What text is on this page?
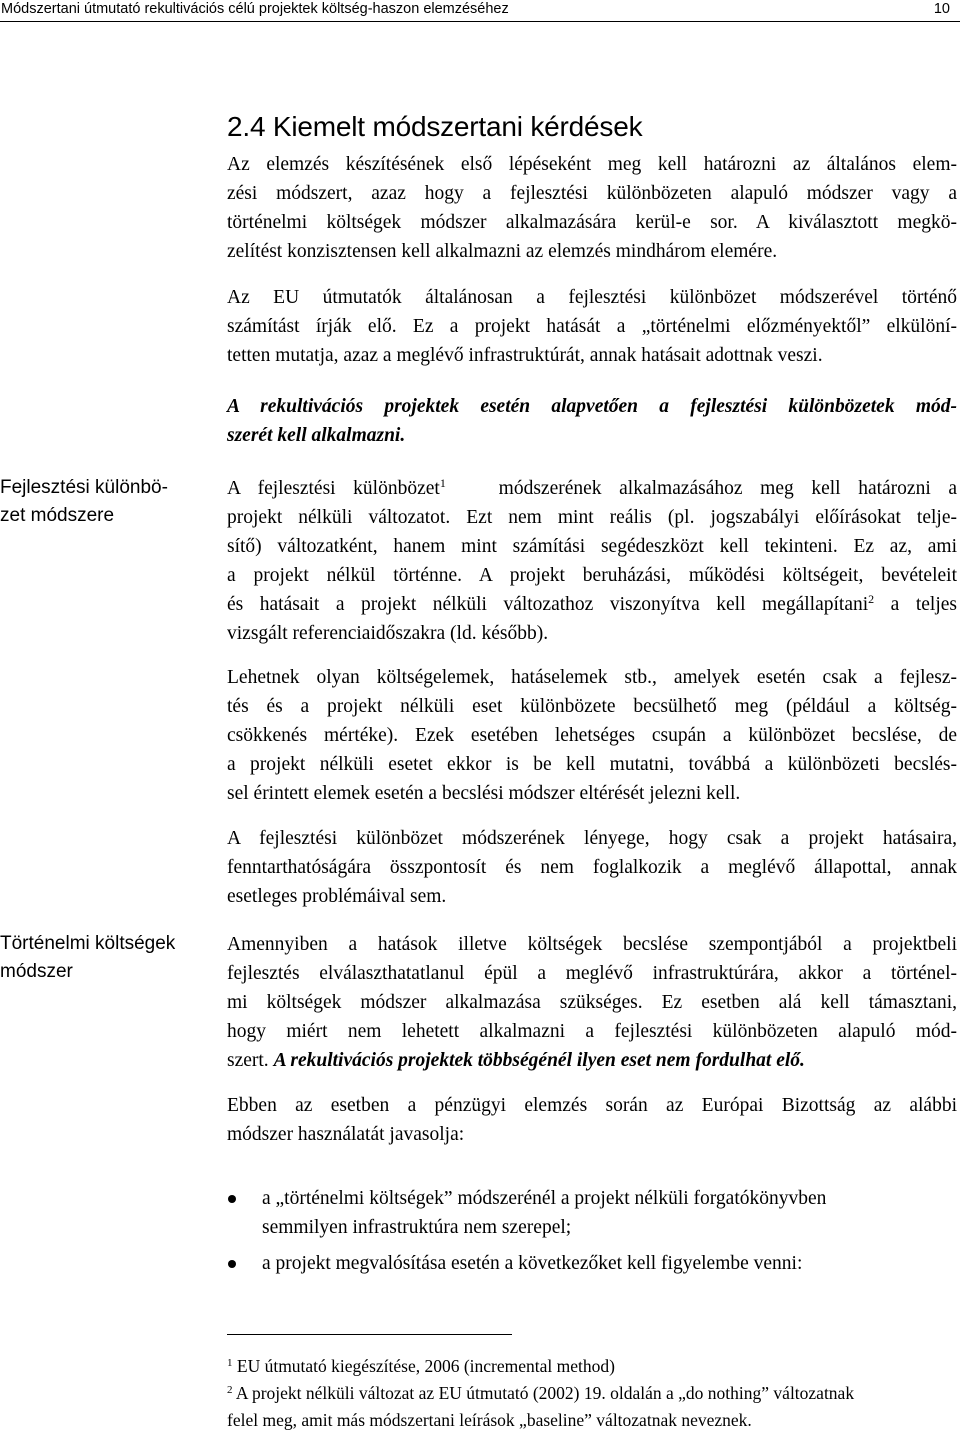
Módszertani útmutató rekultivációs célú projektek költség-haszon elemzéséhez	10
2.4 Kiemelt módszertani kérdések
Az elemzés készítésének első lépéseként meg kell határozni az általános elem-
zési módszert, azaz hogy a fejlesztési különbözeten alapuló módszer vagy a
történelmi költségek módszer alkalmazására kerül-e sor. A kiválasztott megkö-
zelítést konzisztensen kell alkalmazni az elemzés mindhárom elemére.
Az EU útmutatók általánosan a fejlesztési különbözet módszerével történő
számítást írják elő. Ez a projekt hatását a „történelmi előzményektől” elkülöní-
tetten mutatja, azaz a meglévő infrastruktúrát, annak hatásait adottnak veszi.
A rekultivációs projektek esetén alapvetően a fejlesztési különbözetek mód-
szerét kell alkalmazni.
Fejlesztési különbö-
zet módszere
A fejlesztési különbözet$^1$	módszerének alkalmazásához meg kell határozni a
projekt nélküli változatot. Ezt nem mint reális (pl. jogszabályi előírásokat telje-
sítő) változatként, hanem mint számítási segédeszközt kell tekinteni. Ez az, ami
a projekt nélkül történne. A projekt beruházási, működési költségeit, bevételeit
és hatásait a projekt nélküli változathoz viszonyítva kell megállapítani$^2$ a teljes
vizsgált referenciaidőszakra (ld. később).
Lehetnek olyan költségelemek, hatáselemek stb., amelyek esetén csak a fejlesz-
tés és a projekt nélküli eset különbözete becsülhető meg (például a költség-
csökkenés mértéke). Ezek esetében lehetséges csupán a különbözet becslése, de
a projekt nélküli esetet ekkor is be kell mutatni, továbbá a különbözeti becslés-
sel érintett elemek esetén a becslési módszer eltérését jelezni kell.
A fejlesztési különbözet módszerének lényege, hogy csak a projekt hatásaira,
fenntarthatóságára összpontosít és nem foglalkozik a meglévő állapottal, annak
esetleges problémáival sem.
Történelmi költségek
módszer
Amennyiben a hatások illetve költségek becslése szempontjából a projektbeli
fejlesztés elválaszthatatlanul épül a meglévő infrastruktúrára, akkor a történel-
mi költségek módszer alkalmazása szükséges. Ez esetben alá kell támasztani,
hogy miért nem lehetett alkalmazni a fejlesztési különbözeten alapuló mód-
szert. A rekultivációs projektek többségénél ilyen eset nem fordulhat elő.
Ebben az esetben a pénzügyi elemzés során az Európai Bizottság az alábbi
módszer használatát javasolja:
a „történelmi költségek” módszerénél a projekt nélküli forgatókönyvben
semmilyen infrastruktúra nem szerepel;
a projekt megvalósítása esetén a következőket kell figyelembe venni:
$^1$ EU útmutató kiegészítése, 2006 (incremental method)
$^2$ A projekt nélküli változat az EU útmutató (2002) 19. oldalán a „do nothing” változatnak
felel meg, amit más módszertani leírások „baseline” változatnak neveznek.
